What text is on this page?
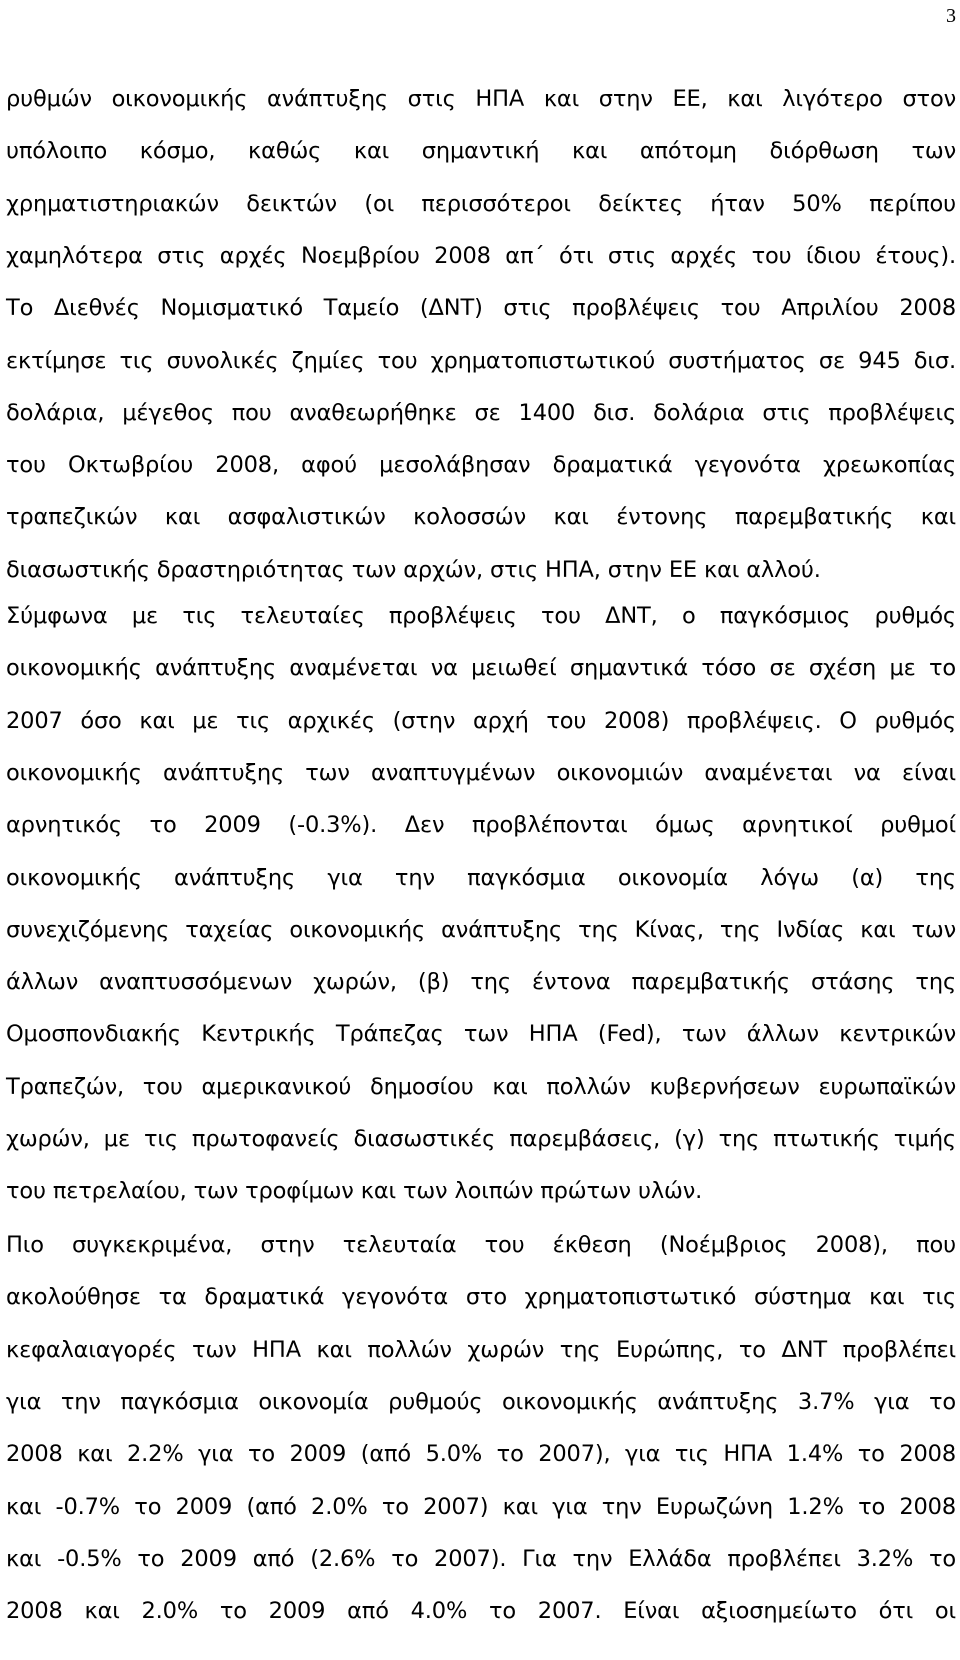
3
ρυθμών οικονομικής ανάπτυξης στις ΗΠΑ και στην ΕΕ, και λιγότερο στον
υπόλοιπο κόσμο, καθώς και σημαντική και απότομη διόρθωση των
χρηματιστηριακών δεικτών (οι περισσότεροι δείκτες ήταν 50% περίπου
χαμηλότερα στις αρχές Νοεμβρίου 2008 απ΄ ότι στις αρχές του ίδιου έτους).
Το Διεθνές Νομισματικό Ταμείο (ΔΝΤ) στις προβλέψεις του Απριλίου 2008
εκτίμησε τις συνολικές ζημίες του χρηματοπιστωτικού συστήματος σε 945 δισ.
δολάρια, μέγεθος που αναθεωρήθηκε σε 1400 δισ. δολάρια στις προβλέψεις
του Οκτωβρίου 2008, αφού μεσολάβησαν δραματικά γεγονότα χρεωκοπίας
τραπεζικών και ασφαλιστικών κολοσσών και έντονης παρεμβατικής και
διασωστικής δραστηριότητας των αρχών, στις ΗΠΑ, στην ΕΕ και αλλού.
Σύμφωνα με τις τελευταίες προβλέψεις του ΔΝΤ, ο παγκόσμιος ρυθμός
οικονομικής ανάπτυξης αναμένεται να μειωθεί σημαντικά τόσο σε σχέση με το
2007 όσο και με τις αρχικές (στην αρχή του 2008) προβλέψεις. Ο ρυθμός
οικονομικής ανάπτυξης των αναπτυγμένων οικονομιών αναμένεται να είναι
αρνητικός το 2009 (-0.3%). Δεν προβλέπονται όμως αρνητικοί ρυθμοί
οικονομικής ανάπτυξης για την παγκόσμια οικονομία λόγω (α) της
συνεχιζόμενης ταχείας οικονομικής ανάπτυξης της Κίνας, της Ινδίας και των
άλλων αναπτυσσόμενων χωρών, (β) της έντονα παρεμβατικής στάσης της
Ομοσπονδιακής Κεντρικής Τράπεζας των ΗΠΑ (Fed), των άλλων κεντρικών
Τραπεζών, του αμερικανικού δημοσίου και πολλών κυβερνήσεων ευρωπαϊκών
χωρών, με τις πρωτοφανείς διασωστικές παρεμβάσεις, (γ) της πτωτικής τιμής
του πετρελαίου, των τροφίμων και των λοιπών πρώτων υλών.
Πιο συγκεκριμένα, στην τελευταία του έκθεση (Νοέμβριος 2008), που
ακολούθησε τα δραματικά γεγονότα στο χρηματοπιστωτικό σύστημα και τις
κεφαλαιαγορές των ΗΠΑ και πολλών χωρών της Ευρώπης, το ΔΝΤ προβλέπει
για την παγκόσμια οικονομία ρυθμούς οικονομικής ανάπτυξης 3.7% για το
2008 και 2.2% για το 2009 (από 5.0% το 2007), για τις ΗΠΑ 1.4% το 2008
και -0.7% το 2009 (από 2.0% το 2007) και για την Ευρωζώνη 1.2% το 2008
και -0.5% το 2009 από (2.6% το 2007). Για την Ελλάδα προβλέπει 3.2% το
2008 και 2.0% το 2009 από 4.0% το 2007. Είναι αξιοσημείωτο ότι οι
